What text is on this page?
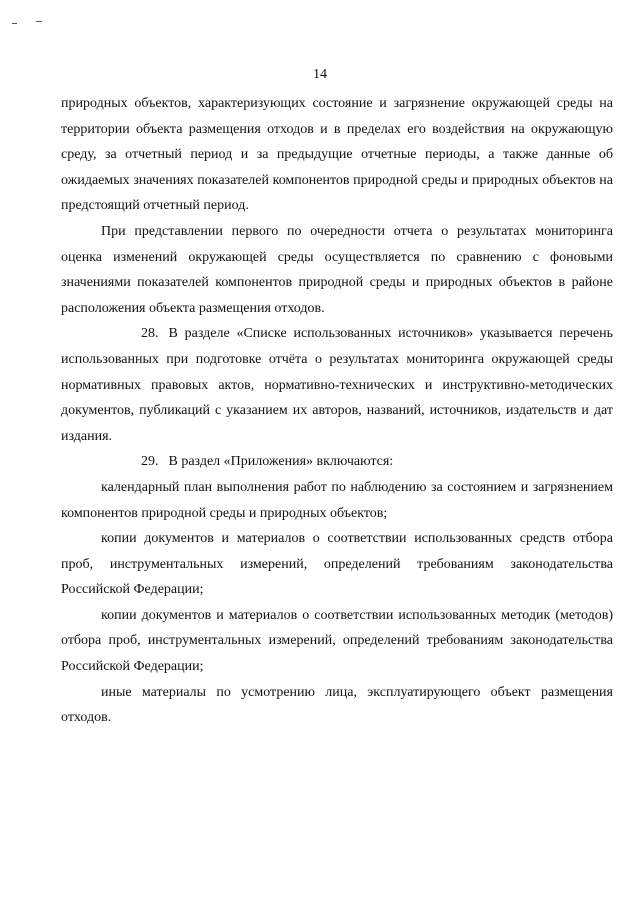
14

природных объектов, характеризующих состояние и загрязнение окружающей среды на территории объекта размещения отходов и в пределах его воздействия на окружающую среду, за отчетный период и за предыдущие отчетные периоды, а также данные об ожидаемых значениях показателей компонентов природной среды и природных объектов на предстоящий отчетный период.

При представлении первого по очередности отчета о результатах мониторинга оценка изменений окружающей среды осуществляется по сравнению с фоновыми значениями показателей компонентов природной среды и природных объектов в районе расположения объекта размещения отходов.

28. В разделе «Списке использованных источников» указывается перечень использованных при подготовке отчёта о результатах мониторинга окружающей среды нормативных правовых актов, нормативно-технических и инструктивно-методических документов, публикаций с указанием их авторов, названий, источников, издательств и дат издания.

29. В раздел «Приложения» включаются:

календарный план выполнения работ по наблюдению за состоянием и загрязнением компонентов природной среды и природных объектов;

копии документов и материалов о соответствии использованных средств отбора проб, инструментальных измерений, определений требованиям законодательства Российской Федерации;

копии документов и материалов о соответствии использованных методик (методов) отбора проб, инструментальных измерений, определений требованиям законодательства Российской Федерации;

иные материалы по усмотрению лица, эксплуатирующего объект размещения отходов.
